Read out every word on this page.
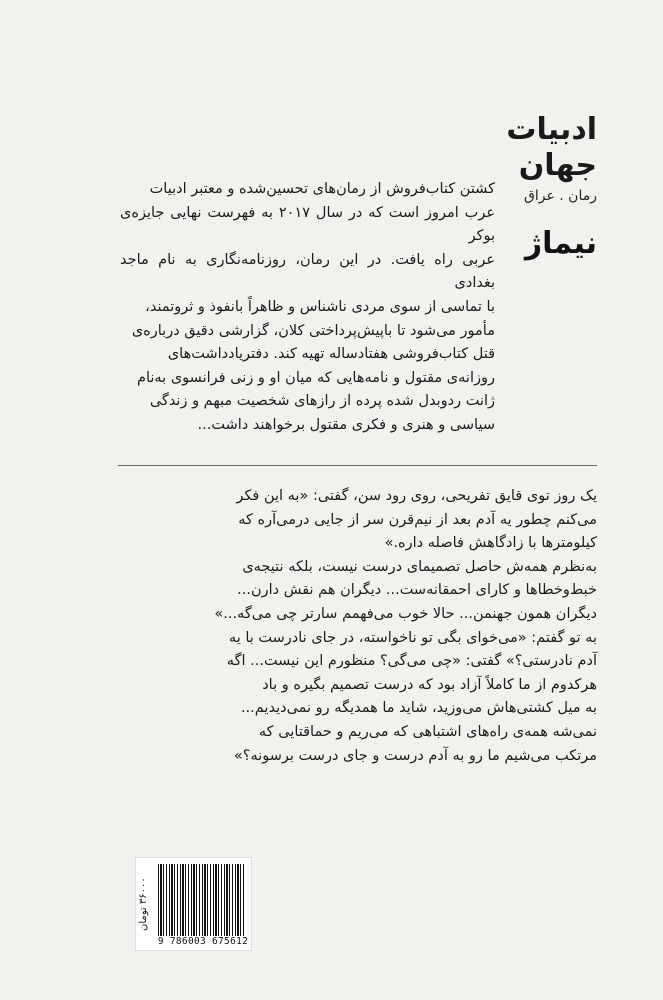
ادبیات
جهان
رمان . عراق
نیماژ

کشتن کتاب‌فروش از رمان‌های تحسین‌شده و معتبر ادبیات

عرب امروز است که در سال ۲۰۱۷ به فهرست نهایی جایزه‌ی بوکر

عربی راه یافت. در این رمان، روزنامه‌نگاری به نام ماجد بغدادی

با تماسی از سوی مردی ناشناس و ظاهراً بانفوذ و ثروتمند،

مأمور می‌شود تا باپیش‌پرداختی کلان، گزارشی دقیق درباره‌ی

قتل کتاب‌فروشی هفتادساله تهیه کند. دفتریادداشت‌های

روزانه‌ی مقتول و نامه‌هایی که میان او و زنی فرانسوی به‌نام

ژانت ردوبدل شده پرده از رازهای شخصیت مبهم و زندگی

سیاسی و هنری و فکری مقتول برخواهند داشت...

یک روز توی قایق تفریحی، روی رود سن، گفتی: «به این فکر

می‌کنم چطور یه آدم بعد از نیم‌قرن سر از جایی درمی‌آره که

کیلومترها با زادگاهش فاصله داره.»

به‌نظرم همه‌ش حاصل تصمیمای درست نیست، بلکه نتیجه‌ی

خبط‌وخطاها و کارای احمقانه‌ست... دیگران هم نقش دارن...

دیگران همون جهنمن... حالا خوب می‌فهمم سارتر چی می‌گه...»

به تو گفتم: «می‌خوای بگی تو ناخواسته، در جای نادرست با یه

آدم نادرستی؟» گفتی: «چی می‌گی؟ منظورم این نیست... اگه

هرکدوم از ما کاملاً آزاد بود که درست تصمیم بگیره و باد

به میل کشتی‌هاش می‌وزید، شاید ما همدیگه رو نمی‌دیدیم...

نمی‌شه همه‌ی راه‌های اشتباهی که می‌ریم و حماقتایی که

مرتکب می‌شیم ما رو به آدم درست و جای درست برسونه؟»

۳۶۰۰۰ تومان
9 786003 675612
